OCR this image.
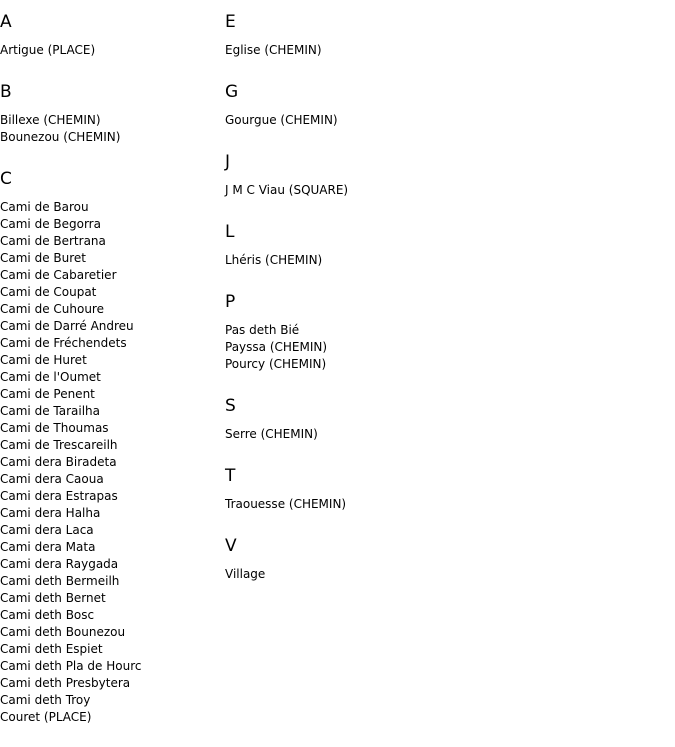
A
Artigue (PLACE)
B
Billexe (CHEMIN)
Bounezou (CHEMIN)
C
Cami de Barou
Cami de Begorra
Cami de Bertrana
Cami de Buret
Cami de Cabaretier
Cami de Coupat
Cami de Cuhoure
Cami de Darré Andreu
Cami de Fréchendets
Cami de Huret
Cami de l'Oumet
Cami de Penent
Cami de Tarailha
Cami de Thoumas
Cami de Trescareilh
Cami dera Biradeta
Cami dera Caoua
Cami dera Estrapas
Cami dera Halha
Cami dera Laca
Cami dera Mata
Cami dera Raygada
Cami deth Bermeilh
Cami deth Bernet
Cami deth Bosc
Cami deth Bounezou
Cami deth Espiet
Cami deth Pla de Hourc
Cami deth Presbytera
Cami deth Troy
Couret (PLACE)
E
Eglise (CHEMIN)
G
Gourgue (CHEMIN)
J
J M C Viau (SQUARE)
L
Lhéris (CHEMIN)
P
Pas deth Bié
Payssa (CHEMIN)
Pourcy (CHEMIN)
S
Serre (CHEMIN)
T
Traouesse (CHEMIN)
V
Village
